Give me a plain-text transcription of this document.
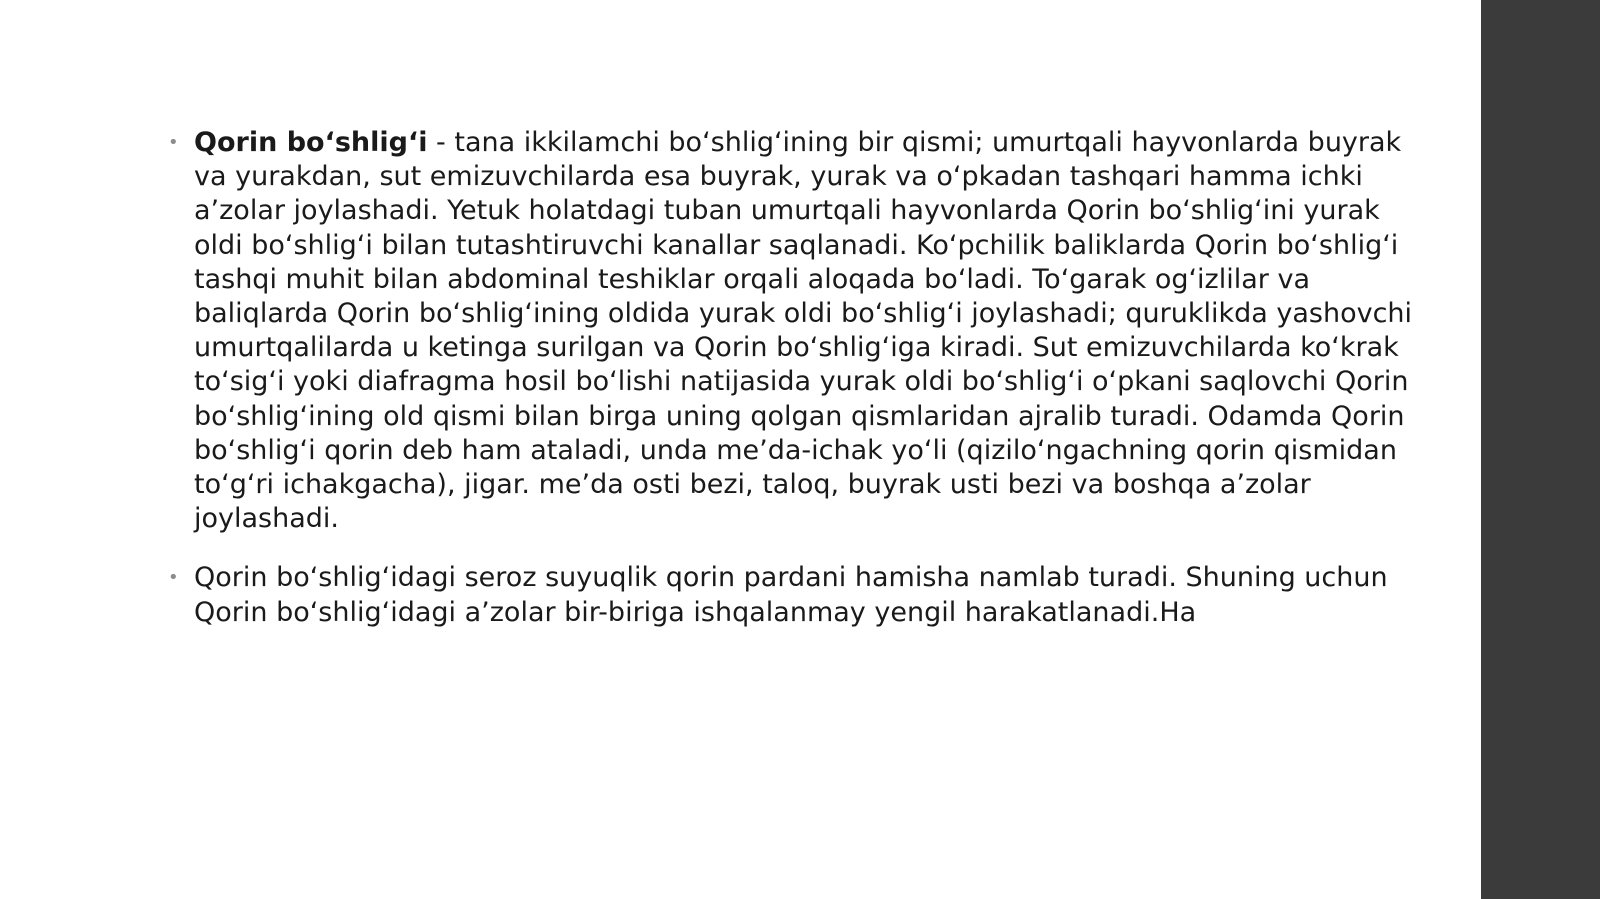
• Qorin bo‘shlig‘i - tana ikkilamchi bo‘shlig‘ining bir qismi; umurtqali hayvonlarda buyrak va yurakdan, sut emizuvchilarda esa buyrak, yurak va o‘pkadan tashqari hamma ichki a’zolar joylashadi. Yetuk holatdagi tuban umurtqali hayvonlarda Qorin bo‘shlig‘ini yurak oldi bo‘shlig‘i bilan tutashtiruvchi kanallar saqlanadi. Ko‘pchilik baliklarda Qorin bo‘shlig‘i tashqi muhit bilan abdominal teshiklar orqali aloqada bo‘ladi. To‘garak og‘izlilar va baliqlarda Qorin bo‘shlig‘ining oldida yurak oldi bo‘shlig‘i joylashadi; quruklikda yashovchi umurtqalilarda u ketinga surilgan va Qorin bo‘shlig‘iga kiradi. Sut emizuvchilarda ko‘krak to‘sig‘i yoki diafragma hosil bo‘lishi natijasida yurak oldi bo‘shlig‘i o‘pkani saqlovchi Qorin bo‘shlig‘ining old qismi bilan birga uning qolgan qismlaridan ajralib turadi. Odamda Qorin bo‘shlig‘i qorin deb ham ataladi, unda me’da-ichak yo‘li (qizilo‘ngachning qorin qismidan to‘g‘ri ichakgacha), jigar. me’da osti bezi, taloq, buyrak usti bezi va boshqa a’zolar joylashadi.
• Qorin bo‘shlig‘idagi seroz suyuqlik qorin pardani hamisha namlab turadi. Shuning uchun Qorin bo‘shlig‘idagi a’zolar bir-biriga ishqalanmay yengil harakatlanadi.Ha
